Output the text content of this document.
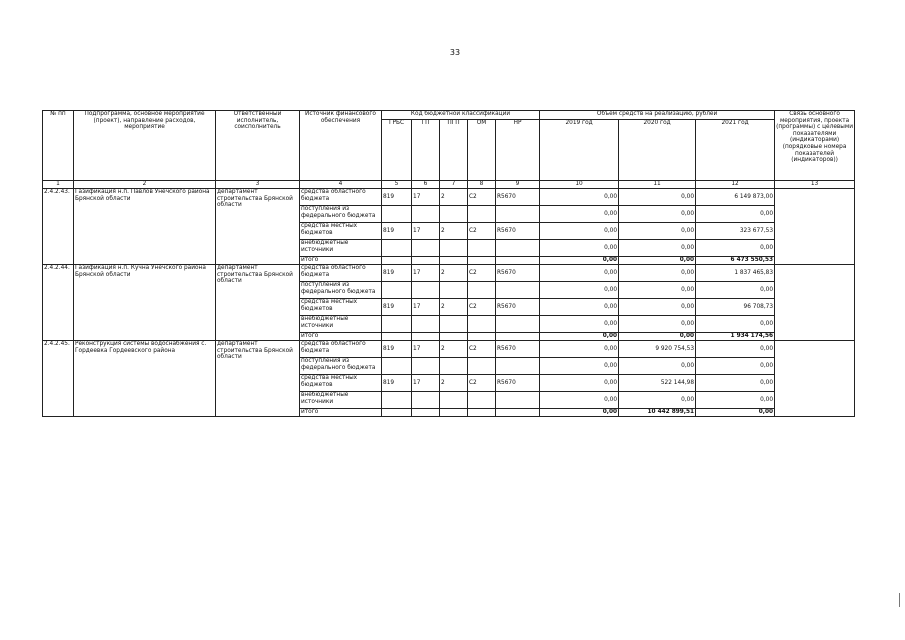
33
№ пп	Подпрограмма, основное мероприятие (проект), направление расходов, мероприятие	Ответственный исполнитель, соисполнитель	Источник финансового обеспечения	Код бюджетной классификации					Объём средств на реализацию, рублей			Связь основного мероприятия, проекта (программы) с целевыми показателями (индикаторами) (порядковые номера показателей (индикаторов))
				ГРБС	ГП	ПГП	ОМ	НР	2019 год	2020 год	2021 год	
1	2	3	4	5	6	7	8	9	10	11	12	13
2.4.2.43.	Газификация н.п. Павлов Унечского района Брянской области	департамент строительства Брянской области	средства областного бюджета	819	17	2	C2	R5670	0,00	0,00	6 149 873,00	
			поступления из федерального бюджета						0,00	0,00	0,00	
			средства местных бюджетов	819	17	2	C2	R5670	0,00	0,00	323 677,53	
			внебюджетные источники						0,00	0,00	0,00	
			итого						0,00	0,00	6 473 550,53	
2.4.2.44.	Газификация н.п. Кучна Унечского района Брянской области	департамент строительства Брянской области	средства областного бюджета	819	17	2	C2	R5670	0,00	0,00	1 837 465,83	
			поступления из федерального бюджета						0,00	0,00	0,00	
			средства местных бюджетов	819	17	2	C2	R5670	0,00	0,00	96 708,73	
			внебюджетные источники						0,00	0,00	0,00	
			итого						0,00	0,00	1 934 174,56	
2.4.2.45.	Реконструкция системы водоснабжения с. Гордеевка Гордеевского района	департамент строительства Брянской области	средства областного бюджета	819	17	2	C2	R5670	0,00	9 920 754,53	0,00	
			поступления из федерального бюджета						0,00	0,00	0,00	
			средства местных бюджетов	819	17	2	C2	R5670	0,00	522 144,98	0,00	
			внебюджетные источники						0,00	0,00	0,00	
			итого						0,00	10 442 899,51	0,00	
